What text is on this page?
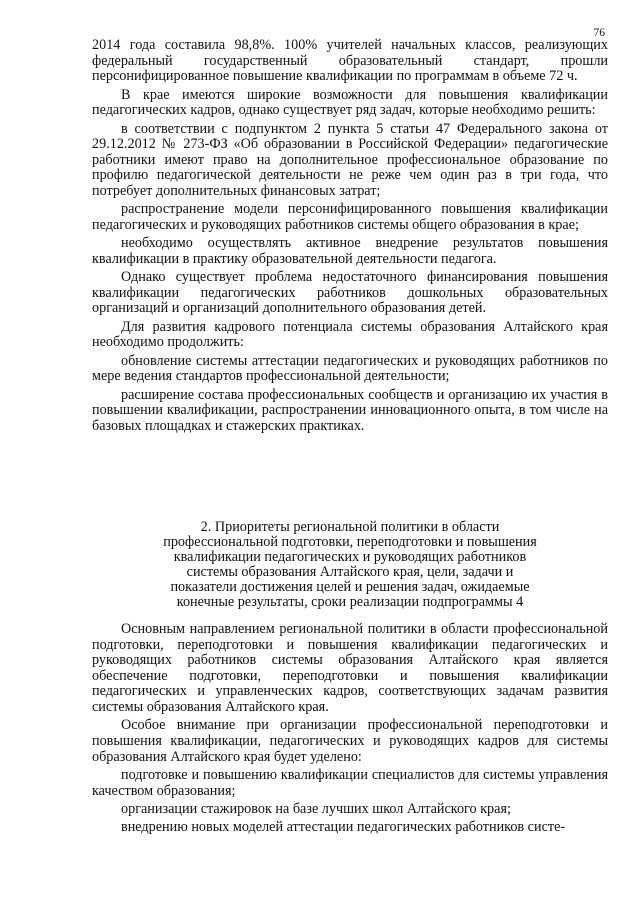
76

2014 года составила 98,8%. 100% учителей начальных классов, реализующих федеральный государственный образовательный стандарт, прошли персонифицированное повышение квалификации по программам в объеме 72 ч.

В крае имеются широкие возможности для повышения квалификации педагогических кадров, однако существует ряд задач, которые необходимо решить:

в соответствии с подпунктом 2 пункта 5 статьи 47 Федерального закона от 29.12.2012 № 273-ФЗ «Об образовании в Российской Федерации» педагогические работники имеют право на дополнительное профессиональное образование по профилю педагогической деятельности не реже чем один раз в три года, что потребует дополнительных финансовых затрат;

распространение модели персонифицированного повышения квалификации педагогических и руководящих работников системы общего образования в крае;

необходимо осуществлять активное внедрение результатов повышения квалификации в практику образовательной деятельности педагога.

Однако существует проблема недостаточного финансирования повышения квалификации педагогических работников дошкольных образовательных организаций и организаций дополнительного образования детей.

Для развития кадрового потенциала системы образования Алтайского края необходимо продолжить:

обновление системы аттестации педагогических и руководящих работников по мере ведения стандартов профессиональной деятельности;

расширение состава профессиональных сообществ и организацию их участия в повышении квалификации, распространении инновационного опыта, в том числе на базовых площадках и стажерских практиках.

2. Приоритеты региональной политики в области
профессиональной подготовки, переподготовки и повышения
квалификации педагогических и руководящих работников
системы образования Алтайского края, цели, задачи и
показатели достижения целей и решения задач, ожидаемые
конечные результаты, сроки реализации подпрограммы 4

Основным направлением региональной политики в области профессиональной подготовки, переподготовки и повышения квалификации педагогических и руководящих работников системы образования Алтайского края является обеспечение подготовки, переподготовки и повышения квалификации педагогических и управленческих кадров, соответствующих задачам развития системы образования Алтайского края.

Особое внимание при организации профессиональной переподготовки и повышения квалификации, педагогических и руководящих кадров для системы образования Алтайского края будет уделено:

подготовке и повышению квалификации специалистов для системы управления качеством образования;

организации стажировок на базе лучших школ Алтайского края;

внедрению новых моделей аттестации педагогических работников систе-
